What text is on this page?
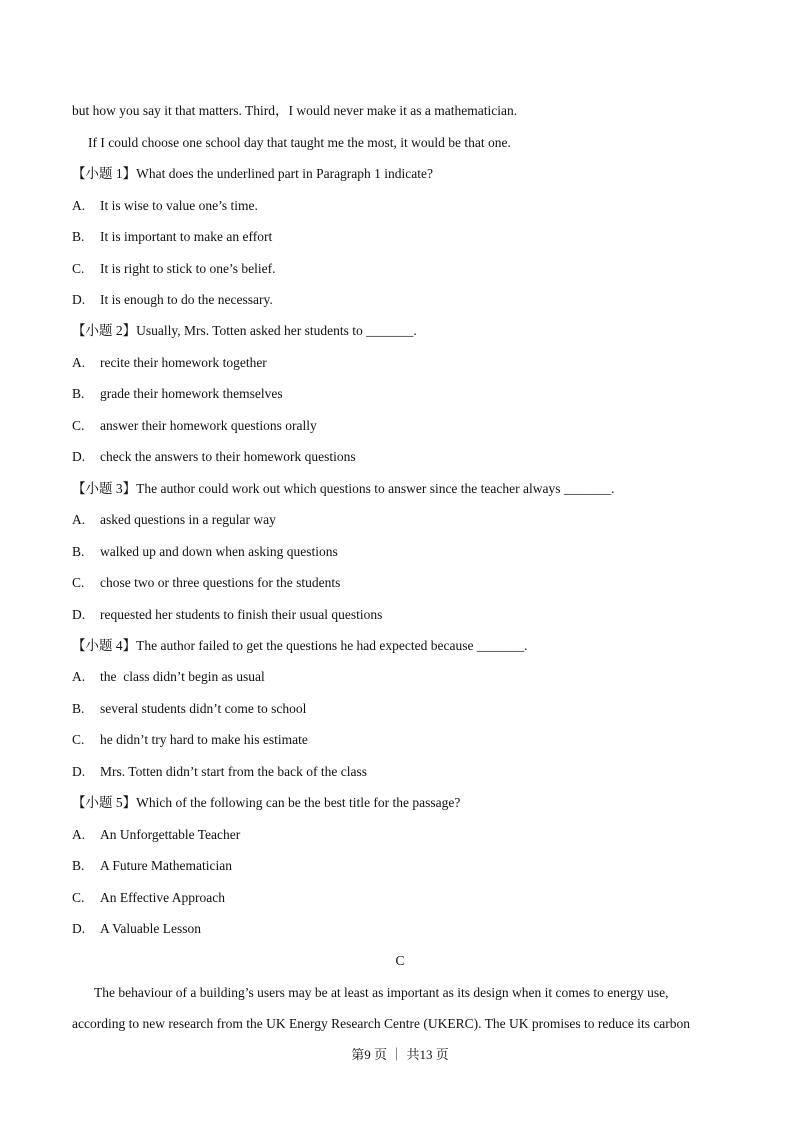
but how you say it that matters. Third，I would never make it as a mathematician.
If I could choose one school day that taught me the most, it would be that one.
【小题 1】What does the underlined part in Paragraph 1 indicate?
A. It is wise to value one’s time.
B. It is important to make an effort
C. It is right to stick to one’s belief.
D. It is enough to do the necessary.
【小题 2】Usually, Mrs. Totten asked her students to _______.
A. recite their homework together
B. grade their homework themselves
C. answer their homework questions orally
D. check the answers to their homework questions
【小题 3】The author could work out which questions to answer since the teacher always _______.
A. asked questions in a regular way
B. walked up and down when asking questions
C. chose two or three questions for the students
D. requested her students to finish their usual questions
【小题 4】The author failed to get the questions he had expected because _______.
A. the  class didn’t begin as usual
B. several students didn’t come to school
C. he didn’t try hard to make his estimate
D. Mrs. Totten didn’t start from the back of the class
【小题 5】Which of the following can be the best title for the passage?
A. An Unforgettable Teacher
B. A Future Mathematician
C. An Effective Approach
D. A Valuable Lesson
C
The behaviour of a building’s users may be at least as important as its design when it comes to energy use,
according to new research from the UK Energy Research Centre (UKERC). The UK promises to reduce its carbon
第9 页 ｜ 共13 页
